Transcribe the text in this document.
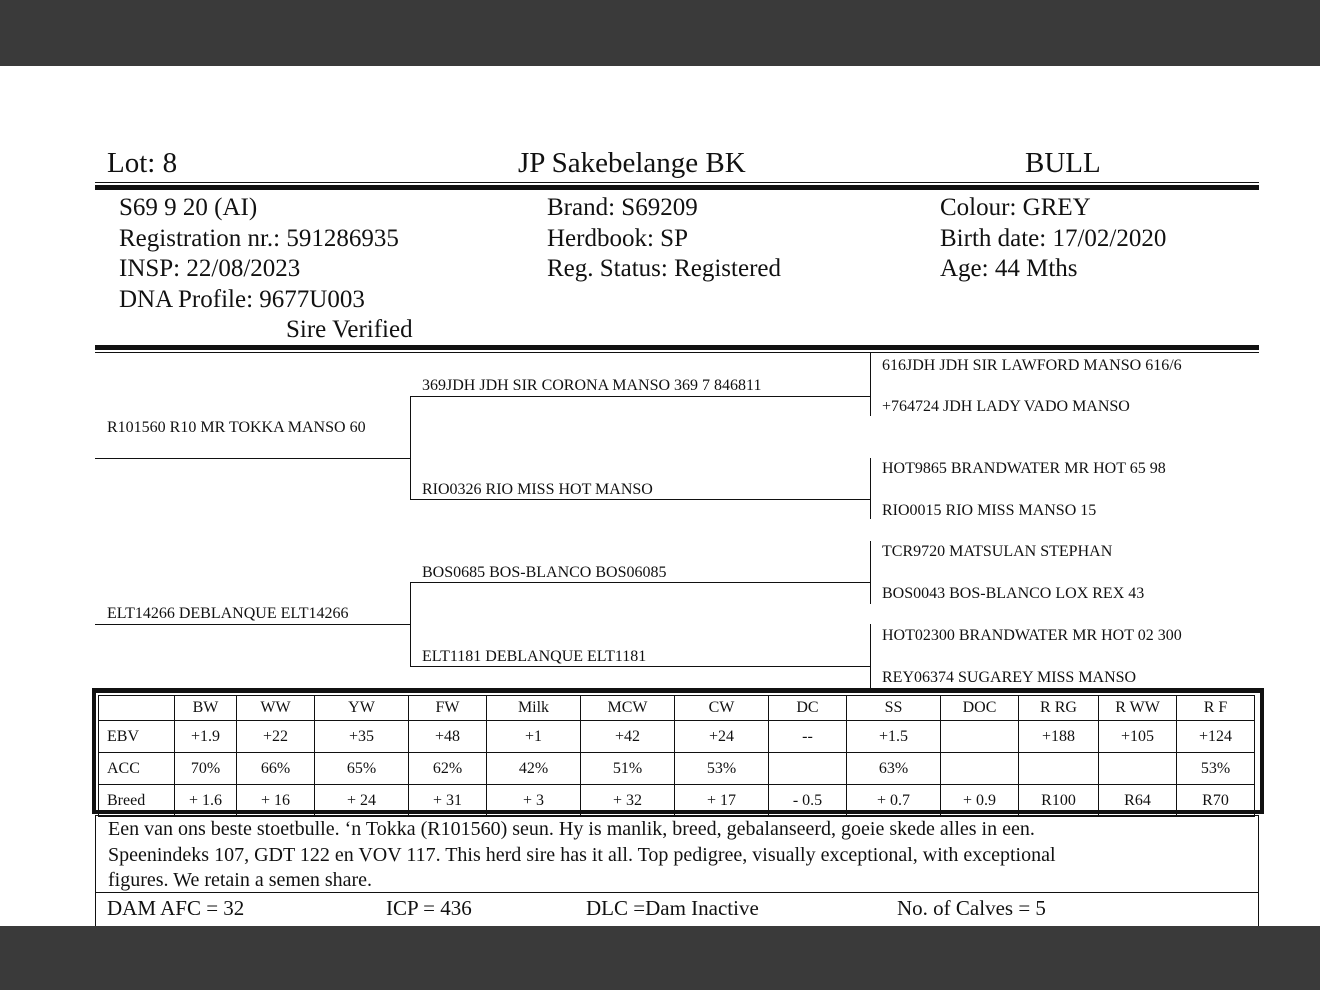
Lot: 8	JP Sakebelange BK	BULL
S69 9 20 (AI)
Registration nr.: 591286935
INSP: 22/08/2023
DNA Profile: 9677U003
Sire Verified
Brand: S69209
Herdbook: SP
Reg. Status: Registered
Colour: GREY
Birth date: 17/02/2020
Age: 44 Mths
R101560 R10 MR TOKKA MANSO 60
ELT14266 DEBLANQUE ELT14266
369JDH JDH SIR CORONA MANSO 369 7 846811
RIO0326 RIO MISS HOT MANSO
BOS0685 BOS-BLANCO BOS06085
ELT1181 DEBLANQUE ELT1181
616JDH JDH SIR LAWFORD MANSO 616/6
+764724 JDH LADY VADO MANSO
HOT9865 BRANDWATER MR HOT 65 98
RIO0015 RIO MISS MANSO 15
TCR9720 MATSULAN STEPHAN
BOS0043 BOS-BLANCO LOX REX 43
HOT02300 BRANDWATER MR HOT 02 300
REY06374 SUGAREY MISS MANSO
	BW	WW	YW	FW	Milk	MCW	CW	DC	SS	DOC	R RG	R WW	R F
EBV	+1.9	+22	+35	+48	+1	+42	+24	--	+1.5		+188	+105	+124
ACC	70%	66%	65%	62%	42%	51%	53%		63%				53%
Breed	+ 1.6	+ 16	+ 24	+ 31	+ 3	+ 32	+ 17	- 0.5	+ 0.7	+ 0.9	R100	R64	R70
Een van ons beste stoetbulle. ‘n Tokka (R101560) seun. Hy is manlik, breed, gebalanseerd, goeie skede alles in een.
Speenindeks 107, GDT 122 en VOV 117. This herd sire has it all. Top pedigree, visually exceptional, with exceptional
figures. We retain a semen share.
DAM AFC = 32	ICP = 436	DLC =Dam Inactive	No. of Calves = 5
